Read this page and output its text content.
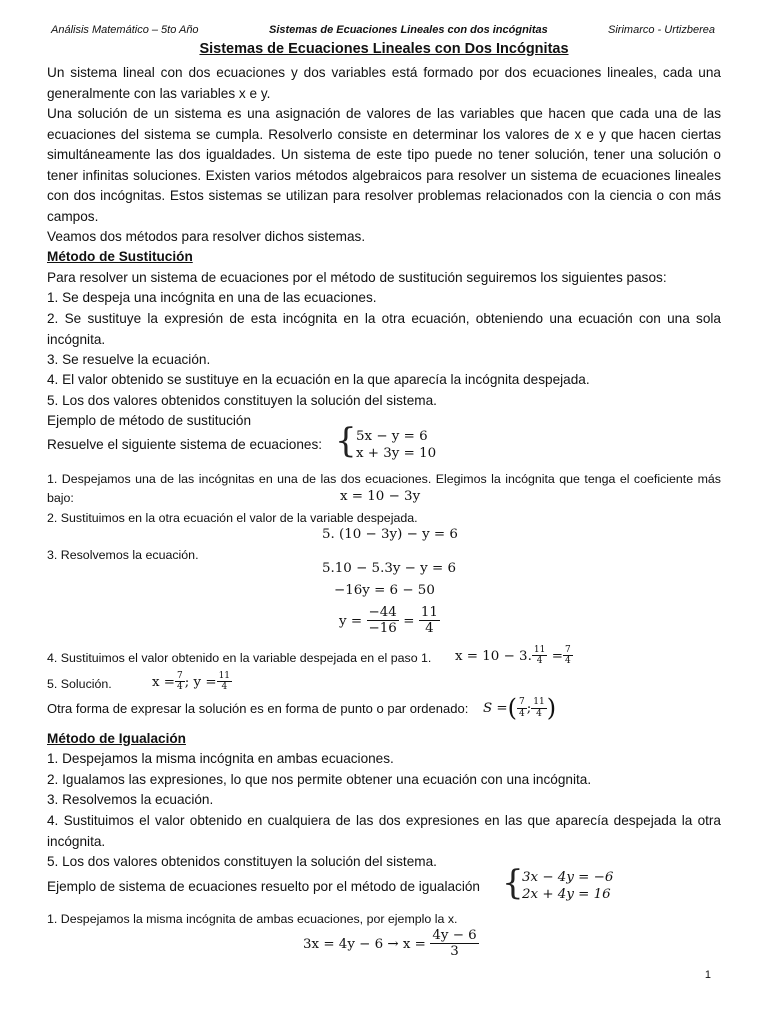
Análisis Matemático – 5to Año	Sistemas de Ecuaciones Lineales con dos incógnitas	Sirimarco - Urtizberea
Sistemas de Ecuaciones Lineales con Dos Incógnitas
Un sistema lineal con dos ecuaciones y dos variables está formado por dos ecuaciones lineales, cada una generalmente con las variables x e y.
Una solución de un sistema es una asignación de valores de las variables que hacen que cada una de las ecuaciones del sistema se cumpla. Resolverlo consiste en determinar los valores de x e y que hacen ciertas simultáneamente las dos igualdades. Un sistema de este tipo puede no tener solución, tener una solución o tener infinitas soluciones. Existen varios métodos algebraicos para resolver un sistema de ecuaciones lineales con dos incógnitas. Estos sistemas se utilizan para resolver problemas relacionados con la ciencia o con más campos.
Veamos dos métodos para resolver dichos sistemas.
Método de Sustitución
Para resolver un sistema de ecuaciones por el método de sustitución seguiremos los siguientes pasos:
1. Se despeja una incógnita en una de las ecuaciones.
2. Se sustituye la expresión de esta incógnita en la otra ecuación, obteniendo una ecuación con una sola incógnita.
3. Se resuelve la ecuación.
4. El valor obtenido se sustituye en la ecuación en la que aparecía la incógnita despejada.
5. Los dos valores obtenidos constituyen la solución del sistema.
Ejemplo de método de sustitución
Resuelve el siguiente sistema de ecuaciones: { 5x − y = 6
x + 3y = 10
1. Despejamos una de las incógnitas en una de las dos ecuaciones. Elegimos la incógnita que tenga el coeficiente más bajo:	x = 10 − 3y
2. Sustituimos en la otra ecuación el valor de la variable despejada.
5. (10 − 3y) − y = 6
3. Resolvemos la ecuación.
5.10 − 5.3y − y = 6
−16y = 6 − 50
$y = \frac{-44}{-16} = \frac{11}{4}$
4. Sustituimos el valor obtenido en la variable despejada en el paso 1. x = 10 − 3. $\frac{11}{4} = \frac{7}{4}$
5. Solución.	$x = \frac{7}{4}$ ; $y = \frac{11}{4}$
Otra forma de expresar la solución es en forma de punto o par ordenado: S =( $\frac{7}{4}$ ; $\frac{11}{4}$ )
Método de Igualación
1. Despejamos la misma incógnita en ambas ecuaciones.
2. Igualamos las expresiones, lo que nos permite obtener una ecuación con una incógnita.
3. Resolvemos la ecuación.
4. Sustituimos el valor obtenido en cualquiera de las dos expresiones en las que aparecía despejada la otra incógnita.
5. Los dos valores obtenidos constituyen la solución del sistema.
Ejemplo de sistema de ecuaciones resuelto por el método de igualación {
3x − 4y = −6
2x + 4y = 16
1. Despejamos la misma incógnita de ambas ecuaciones, por ejemplo la x.
$3x = 4y - 6 \to x = \frac{4y - 6}{3}$
1
